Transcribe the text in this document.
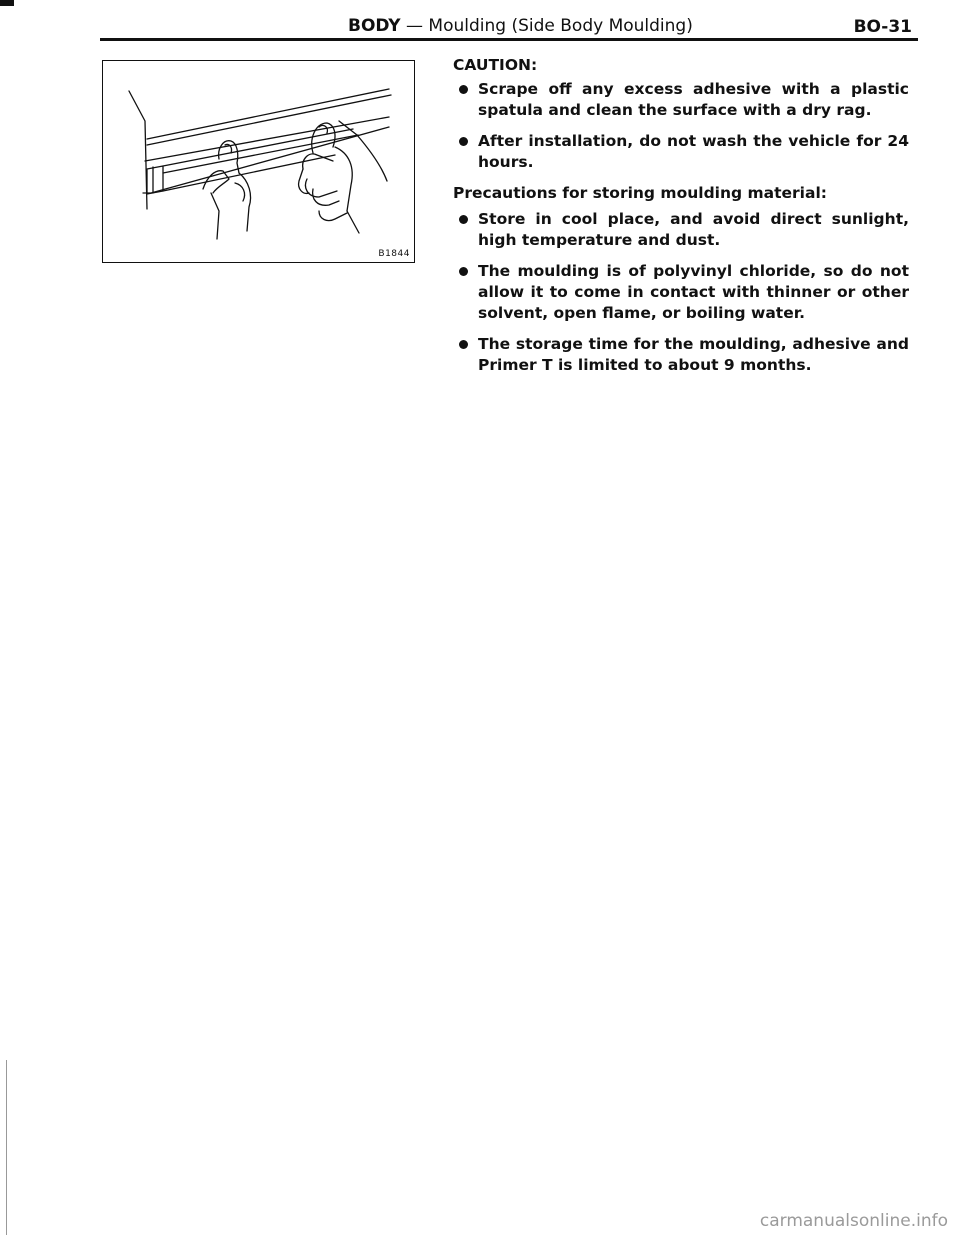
BODY — Moulding (Side Body Moulding)	BO-31
B1844
CAUTION:
Scrape off any excess adhesive with a plastic spatula and clean the surface with a dry rag.
After installation, do not wash the vehicle for 24 hours.
Precautions for storing moulding material:
Store in cool place, and avoid direct sunlight, high temperature and dust.
The moulding is of polyvinyl chloride, so do not allow it to come in contact with thinner or other solvent, open flame, or boiling water.
The storage time for the moulding, adhesive and Primer T is limited to about 9 months.
carmanualsonline.info
